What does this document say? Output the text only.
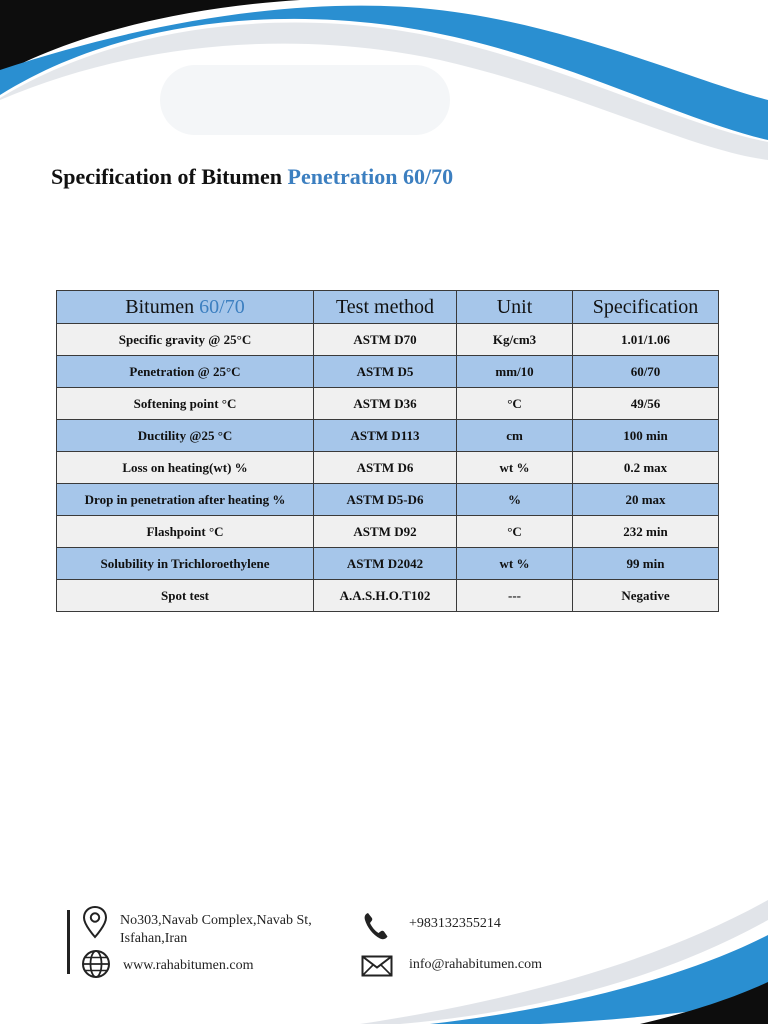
Specification of Bitumen Penetration 60/70
Bitumen 60/70	Test method	Unit	Specification
Specific gravity @ 25°C	ASTM D70	Kg/cm3	1.01/1.06
Penetration @ 25°C	ASTM D5	mm/10	60/70
Softening point °C	ASTM D36	°C	49/56
Ductility @25 °C	ASTM D113	cm	100 min
Loss on heating(wt) %	ASTM D6	wt %	0.2 max
Drop in penetration after heating %	ASTM D5-D6	%	20 max
Flashpoint °C	ASTM D92	°C	232 min
Solubility in Trichloroethylene	ASTM D2042	wt %	99 min
Spot test	A.A.S.H.O.T102	---	Negative
No303,Navab Complex,Navab St,
Isfahan,Iran
www.rahabitumen.com
+983132355214
info@rahabitumen.com
